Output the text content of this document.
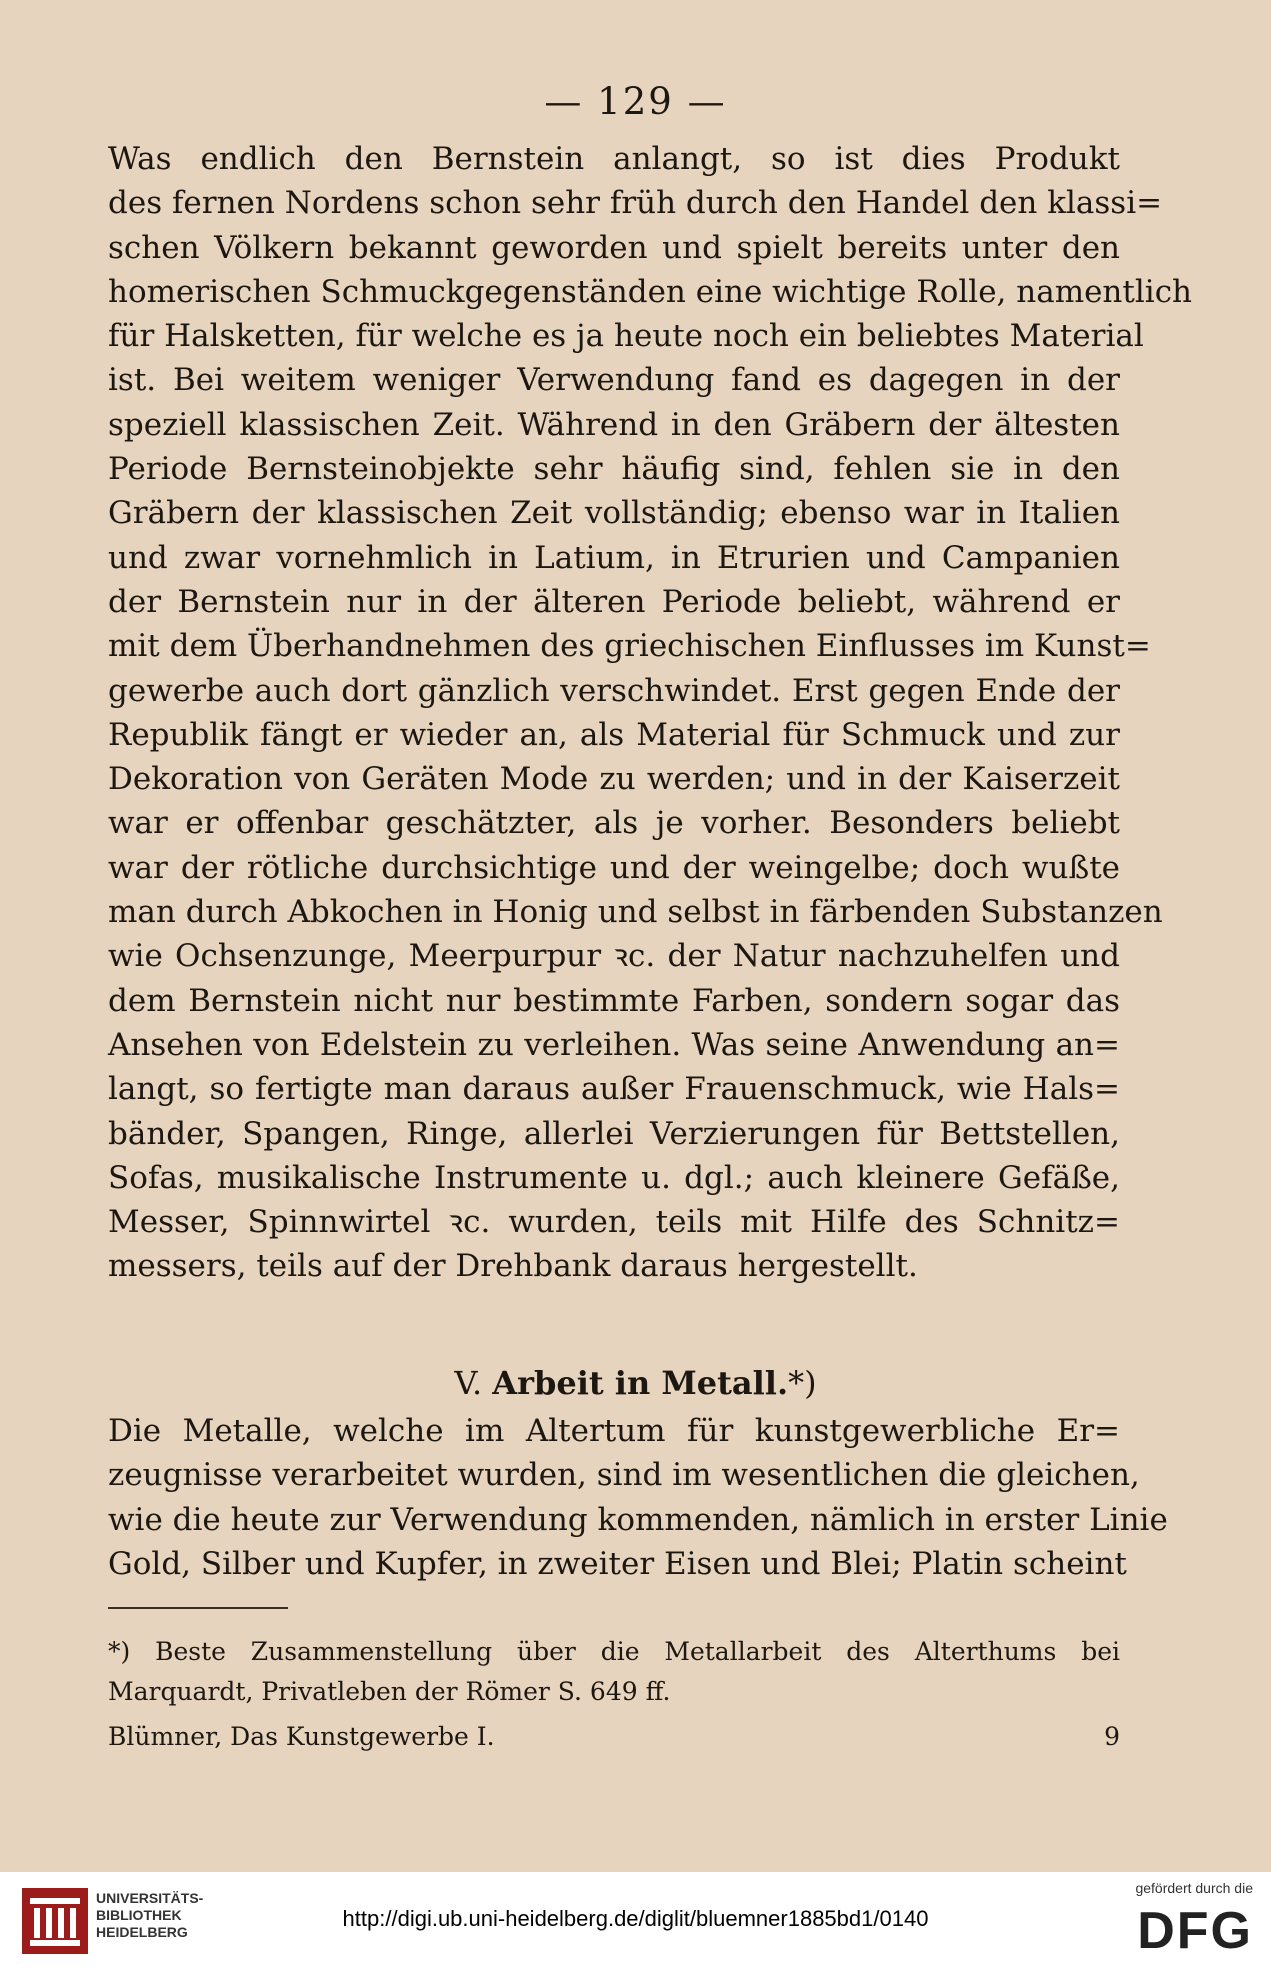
— 129 —
Was endlich den Bernstein anlangt, so ist dies Produkt
des fernen Nordens schon sehr früh durch den Handel den klassi=
schen Völkern bekannt geworden und spielt bereits unter den
homerischen Schmuckgegenständen eine wichtige Rolle, namentlich
für Halsketten, für welche es ja heute noch ein beliebtes Material
ist. Bei weitem weniger Verwendung fand es dagegen in der
speziell klassischen Zeit. Während in den Gräbern der ältesten
Periode Bernsteinobjekte sehr häufig sind, fehlen sie in den
Gräbern der klassischen Zeit vollständig; ebenso war in Italien
und zwar vornehmlich in Latium, in Etrurien und Campanien
der Bernstein nur in der älteren Periode beliebt, während er
mit dem Überhandnehmen des griechischen Einflusses im Kunst=
gewerbe auch dort gänzlich verschwindet. Erst gegen Ende der
Republik fängt er wieder an, als Material für Schmuck und zur
Dekoration von Geräten Mode zu werden; und in der Kaiserzeit
war er offenbar geschätzter, als je vorher. Besonders beliebt
war der rötliche durchsichtige und der weingelbe; doch wußte
man durch Abkochen in Honig und selbst in färbenden Substanzen
wie Ochsenzunge, Meerpurpur ꝛc. der Natur nachzuhelfen und
dem Bernstein nicht nur bestimmte Farben, sondern sogar das
Ansehen von Edelstein zu verleihen. Was seine Anwendung an=
langt, so fertigte man daraus außer Frauenschmuck, wie Hals=
bänder, Spangen, Ringe, allerlei Verzierungen für Bettstellen,
Sofas, musikalische Instrumente u. dgl.; auch kleinere Gefäße,
Messer, Spinnwirtel ꝛc. wurden, teils mit Hilfe des Schnitz=
messers, teils auf der Drehbank daraus hergestellt.
V. Arbeit in Metall.*)
Die Metalle, welche im Altertum für kunstgewerbliche Er=
zeugnisse verarbeitet wurden, sind im wesentlichen die gleichen,
wie die heute zur Verwendung kommenden, nämlich in erster Linie
Gold, Silber und Kupfer, in zweiter Eisen und Blei; Platin scheint
*) Beste Zusammenstellung über die Metallarbeit des Alterthums bei
Marquardt, Privatleben der Römer S. 649 ff.
Blümner, Das Kunstgewerbe I.	9
UNIVERSITÄTS-
BIBLIOTHEK
HEIDELBERG
http://digi.ub.uni-heidelberg.de/diglit/bluemner1885bd1/0140
gefördert durch die
DFG
